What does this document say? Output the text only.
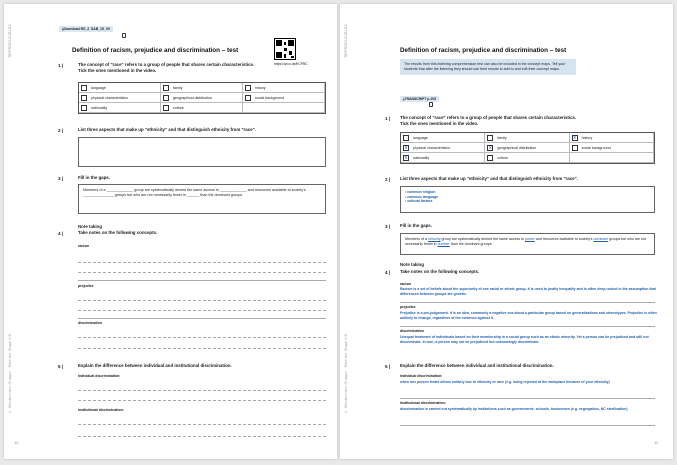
REPRODUCIBLES
© Westermann Gruppe · Take the Stage 4/5
⤓Download RS_2_SAB_15_XV
https://qrco.de/bCPBC
Definition of racism, prejudice and discrimination – test
1 |	The concept of "race" refers to a group of people that shares certain characteristics. Tick the ones mentioned in the video.
language	family	history
physical characteristics	geographical distribution	social background
nationality	culture
2 |	List three aspects that make up "ethnicity" and that distinguish ethnicity from "race".
3 |	Fill in the gaps.
Members of a _____________ group are systematically denied the same access to _____________ and resources available to society's _______________ groups but who are not necessarily fewer in ______ than the dominant groups.
Note taking
4 |	Take notes on the following concepts.
racism
prejudice
discrimination
5 |	Explain the difference between individual and institutional discrimination.
Individual discrimination:
Institutional discrimination:
10
REPRODUCIBLES
© Westermann Gruppe · Take the Stage 4/5
Definition of racism, prejudice and discrimination – test
The results from this listening comprehension test can also be included in the concept maps. Tell your students that after the listening they should use their results to add to and edit their concept maps.
⤓TRANSCRIPT p.105
1 | The concept of "race" refers to a group of people that shares certain characteristics. Tick the ones mentioned in the video.
language	family	x	history
x	physical characteristics	x	geographical distribution	social background
x	nationality	culture
2 | List three aspects that make up "ethnicity" and that distinguish ethnicity from "race".
• common religion
• common language
• cultural factors
3 | Fill in the gaps.
Members of a minority group are systematically denied the same access to power and resources available to society's dominant groups but who are not necessarily fewer in number than the dominant groups.
Note taking
4 | Take notes on the following concepts.
racism
Racism is a set of beliefs about the superiority of one racial or ethnic group. It is used to justify inequality and is often deep-rooted in the assumption that differences between groups are genetic.
prejudice
Prejudice is a pre-judgement. It is an idea, commonly a negative one about a particular group based on generalisations and stereotypes. Prejudice is often unlikely to change, regardless of the evidence against it.
discrimination
Unequal treatment of individuals based on their membership in a social group such as an ethnic minority. Yet a person can be prejudiced and still not discriminate. In turn, a person may not be prejudiced but unknowingly discriminate.
5 | Explain the difference between individual and institutional discrimination.
Individual discrimination:
when one person treats others unfairly due to ethnicity or race (e.g. being rejected at the workplace because of your ethnicity)
Institutional discrimination:
discrimination is carried out systematically by institutions such as governments, schools, businesses (e.g. segregation, NC sterilisation)
11
